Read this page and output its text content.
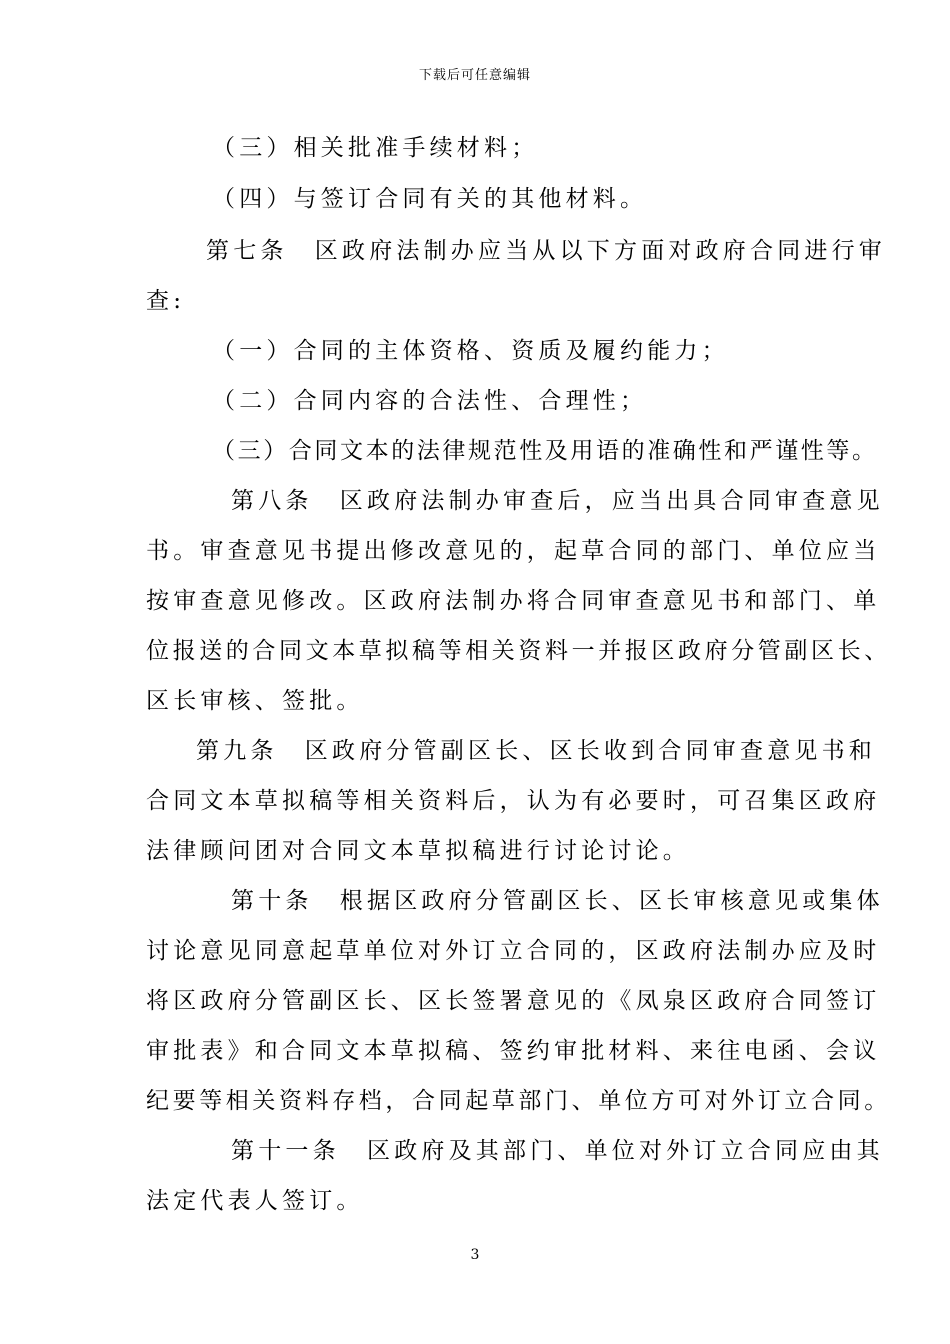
下载后可任意编辑
（三）相关批准手续材料；
（四）与签订合同有关的其他材料。
第七条　区政府法制办应当从以下方面对政府合同进行审
查:
（一）合同的主体资格、资质及履约能力；
（二）合同内容的合法性、合理性；
（三）合同文本的法律规范性及用语的准确性和严谨性等。
第八条　区政府法制办审查后，应当出具合同审查意见
书。审查意见书提出修改意见的，起草合同的部门、单位应当
按审查意见修改。区政府法制办将合同审查意见书和部门、单
位报送的合同文本草拟稿等相关资料一并报区政府分管副区长、
区长审核、签批。
第九条　区政府分管副区长、区长收到合同审查意见书和
合同文本草拟稿等相关资料后，认为有必要时，可召集区政府
法律顾问团对合同文本草拟稿进行讨论讨论。
第十条　根据区政府分管副区长、区长审核意见或集体
讨论意见同意起草单位对外订立合同的，区政府法制办应及时
将区政府分管副区长、区长签署意见的《凤泉区政府合同签订
审批表》和合同文本草拟稿、签约审批材料、来往电函、会议
纪要等相关资料存档，合同起草部门、单位方可对外订立合同。
第十一条　区政府及其部门、单位对外订立合同应由其
法定代表人签订。
3
